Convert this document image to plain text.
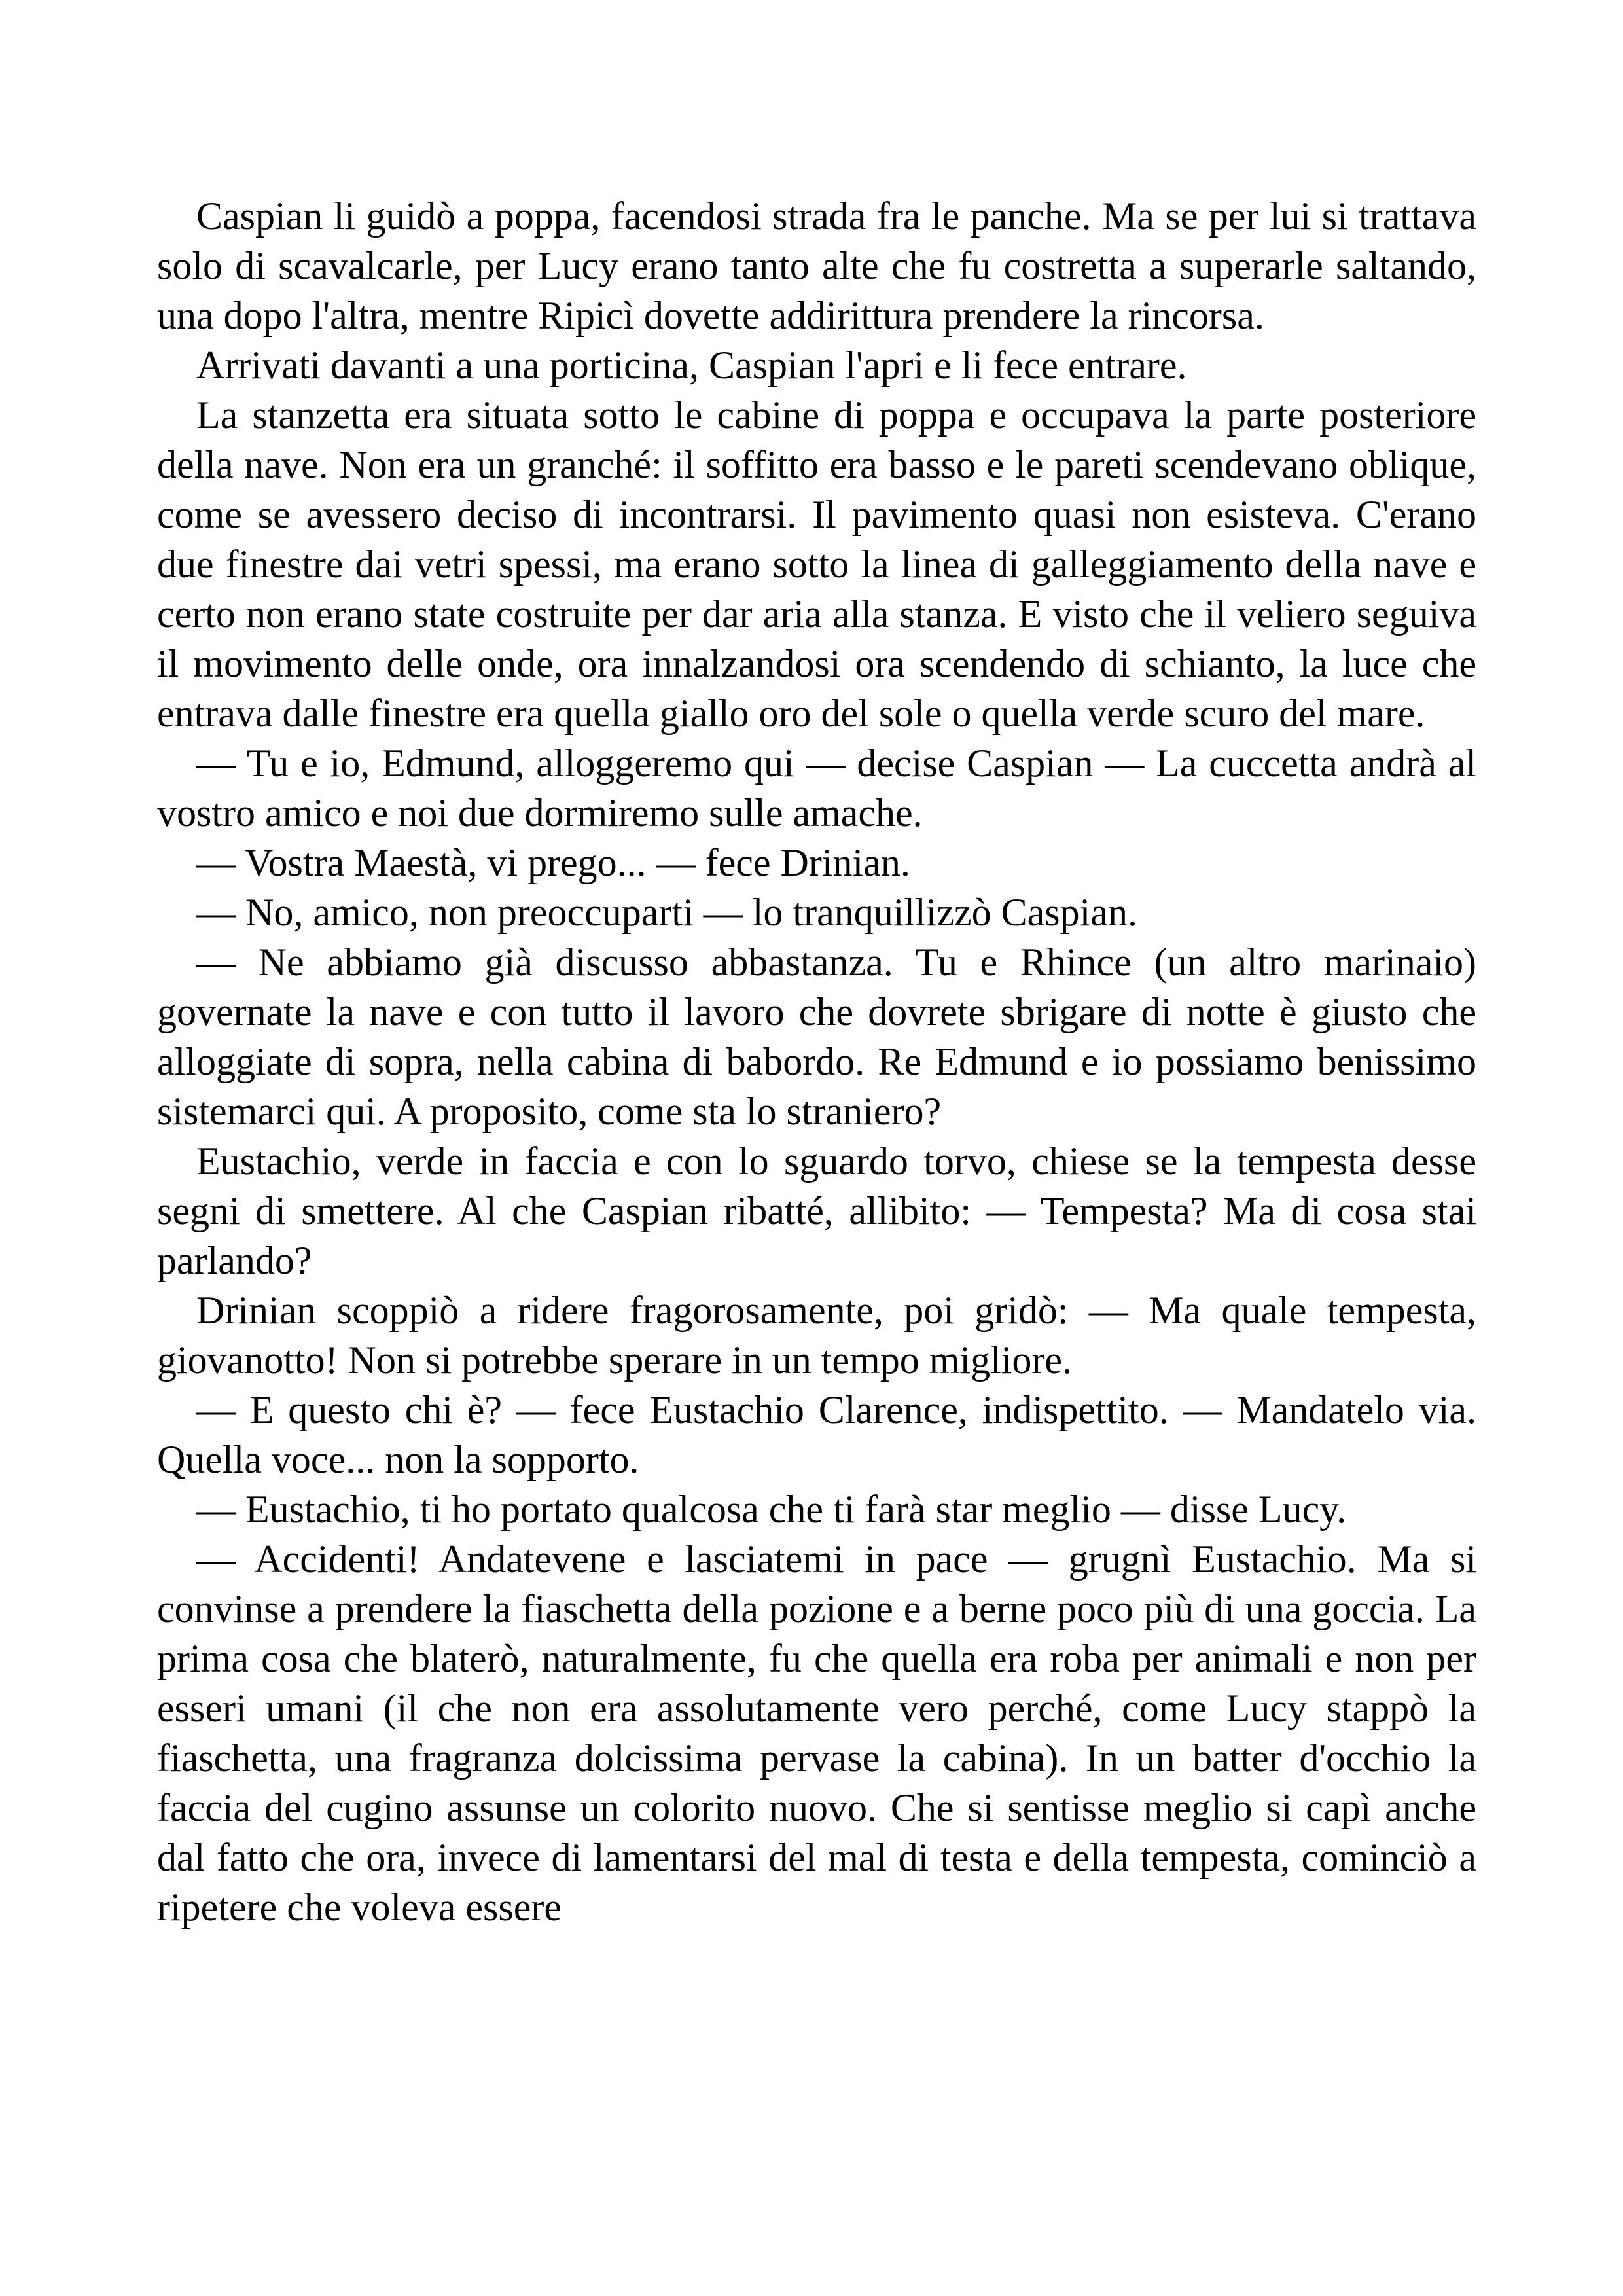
Caspian li guidò a poppa, facendosi strada fra le panche. Ma se per lui si trattava solo di scavalcarle, per Lucy erano tanto alte che fu costretta a superarle saltando, una dopo l'altra, mentre Ripicì dovette addirittura prendere la rincorsa.

Arrivati davanti a una porticina, Caspian l'apri e li fece entrare.

La stanzetta era situata sotto le cabine di poppa e occupava la parte posteriore della nave. Non era un granché: il soffitto era basso e le pareti scendevano oblique, come se avessero deciso di incontrarsi. Il pavimento quasi non esisteva. C'erano due finestre dai vetri spessi, ma erano sotto la linea di galleggiamento della nave e certo non erano state costruite per dar aria alla stanza. E visto che il veliero seguiva il movimento delle onde, ora innalzandosi ora scendendo di schianto, la luce che entrava dalle finestre era quella giallo oro del sole o quella verde scuro del mare.

— Tu e io, Edmund, alloggeremo qui — decise Caspian — La cuccetta andrà al vostro amico e noi due dormiremo sulle amache.

— Vostra Maestà, vi prego... — fece Drinian.

— No, amico, non preoccuparti — lo tranquillizzò Caspian.

— Ne abbiamo già discusso abbastanza. Tu e Rhince (un altro marinaio) governate la nave e con tutto il lavoro che dovrete sbrigare di notte è giusto che alloggiate di sopra, nella cabina di babordo. Re Edmund e io possiamo benissimo sistemarci qui. A proposito, come sta lo straniero?

Eustachio, verde in faccia e con lo sguardo torvo, chiese se la tempesta desse segni di smettere. Al che Caspian ribatté, allibito: — Tempesta? Ma di cosa stai parlando?

Drinian scoppiò a ridere fragorosamente, poi gridò: — Ma quale tempesta, giovanotto! Non si potrebbe sperare in un tempo migliore.

— E questo chi è? — fece Eustachio Clarence, indispettito. — Mandatelo via. Quella voce... non la sopporto.

— Eustachio, ti ho portato qualcosa che ti farà star meglio — disse Lucy.

— Accidenti! Andatevene e lasciatemi in pace — grugnì Eustachio. Ma si convinse a prendere la fiaschetta della pozione e a berne poco più di una goccia. La prima cosa che blaterò, naturalmente, fu che quella era roba per animali e non per esseri umani (il che non era assolutamente vero perché, come Lucy stappò la fiaschetta, una fragranza dolcissima pervase la cabina). In un batter d'occhio la faccia del cugino assunse un colorito nuovo. Che si sentisse meglio si capì anche dal fatto che ora, invece di lamentarsi del mal di testa e della tempesta, cominciò a ripetere che voleva essere
